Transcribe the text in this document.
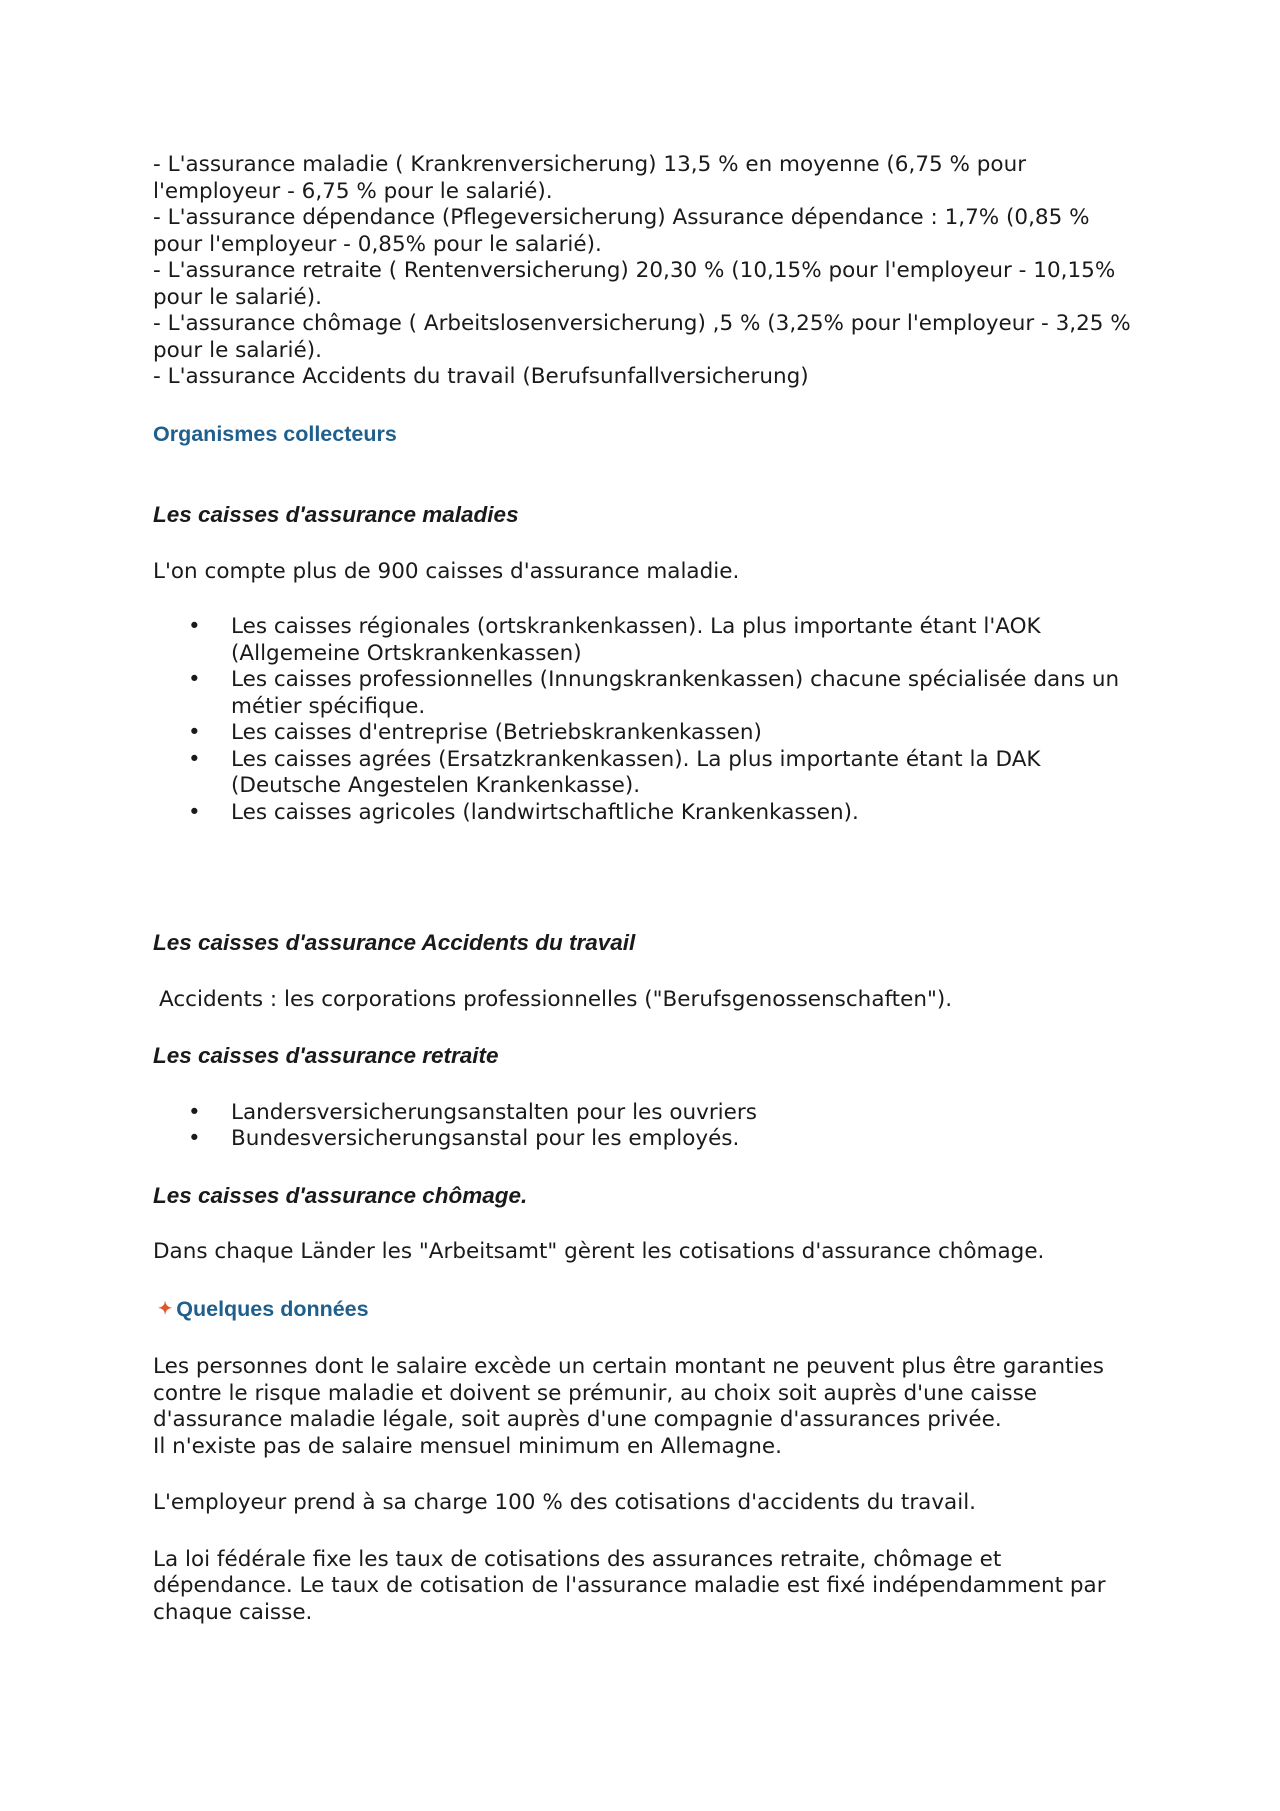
- L'assurance maladie ( Krankrenversicherung) 13,5 % en moyenne (6,75 % pour l'employeur - 6,75 % pour le salarié).

- L'assurance dépendance (Pflegeversicherung) Assurance dépendance : 1,7% (0,85 % pour l'employeur - 0,85% pour le salarié).

- L'assurance retraite ( Rentenversicherung) 20,30 % (10,15% pour l'employeur - 10,15% pour le salarié).

- L'assurance chômage ( Arbeitslosenversicherung) ,5 % (3,25% pour l'employeur - 3,25 % pour le salarié).

- L'assurance Accidents du travail (Berufsunfallversicherung)

Organismes collecteurs
Les caisses d'assurance maladies

L'on compte plus de 900 caisses d'assurance maladie.

• Les caisses régionales (ortskrankenkassen). La plus importante étant l'AOK (Allgemeine Ortskrankenkassen)
• Les caisses professionnelles (Innungskrankenkassen) chacune spécialisée dans un métier spécifique.
• Les caisses d'entreprise (Betriebskrankenkassen)
• Les caisses agrées (Ersatzkrankenkassen). La plus importante étant la DAK (Deutsche Angestelen Krankenkasse).
• Les caisses agricoles (landwirtschaftliche Krankenkassen).
Les caisses d'assurance Accidents du travail

Accidents : les corporations professionnelles ("Berufsgenossenschaften").

Les caisses d'assurance retraite
• Landersversicherungsanstalten pour les ouvriers
• Bundesversicherungsanstal pour les employés.
Les caisses d'assurance chômage.

Dans chaque Länder les "Arbeitsamt" gèrent les cotisations d'assurance chômage.

✦ Quelques données

Les personnes dont le salaire excède un certain montant ne peuvent plus être garanties contre le risque maladie et doivent se prémunir, au choix soit auprès d'une caisse d'assurance maladie légale, soit auprès d'une compagnie d'assurances privée.

Il n'existe pas de salaire mensuel minimum en Allemagne.

L'employeur prend à sa charge 100 % des cotisations d'accidents du travail.

La loi fédérale fixe les taux de cotisations des assurances retraite, chômage et dépendance. Le taux de cotisation de l'assurance maladie est fixé indépendamment par chaque caisse.
